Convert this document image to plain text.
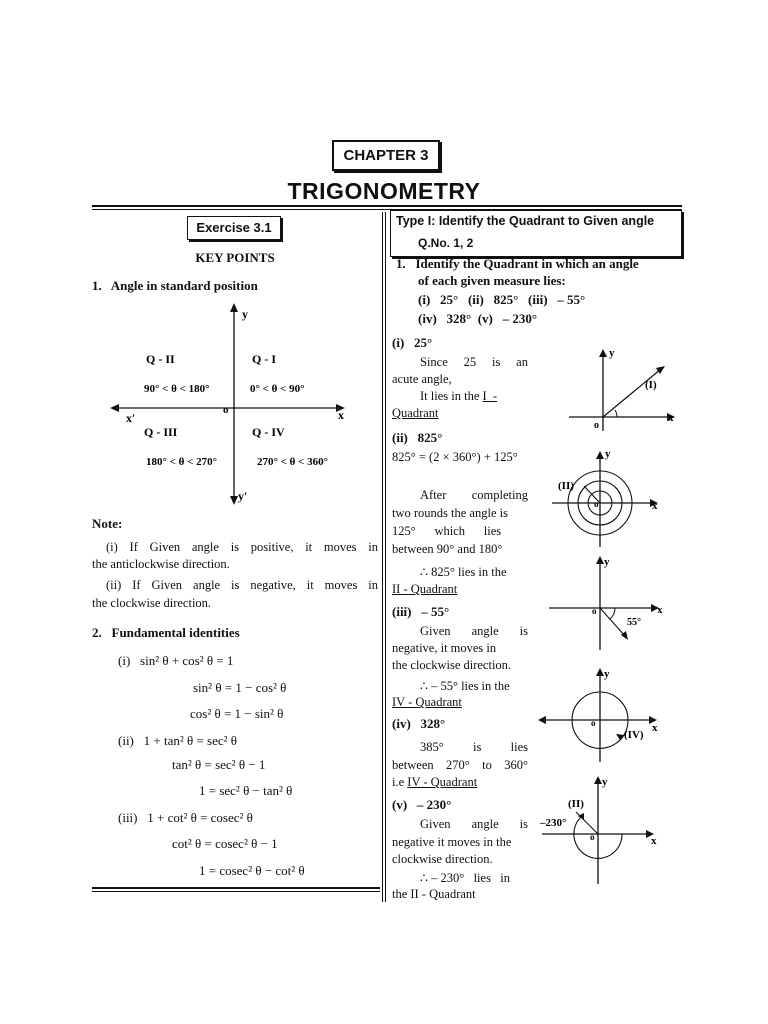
CHAPTER 3
TRIGONOMETRY
Exercise 3.1
KEY POINTS
1.   Angle in standard position
y
x
x′
y′
o
Q - II	Q - I
90° < θ < 180°	0° < θ < 90°
Q - III	Q - IV
180° < θ < 270°	270° < θ < 360°
Note:
(i) If Given angle is positive, it moves in
the anticlockwise direction.
(ii) If Given angle is negative, it moves in
the clockwise direction.
2.   Fundamental identities
(i)   sin² θ + cos² θ = 1
sin² θ = 1 − cos² θ
cos² θ = 1 − sin² θ
(ii)   1 + tan² θ = sec² θ
tan² θ = sec² θ − 1
1 = sec² θ − tan² θ
(iii)   1 + cot² θ = cosec² θ
cot² θ = cosec² θ − 1
1 = cosec² θ − cot² θ
Type I: Identify the Quadrant to Given angle
Q.No. 1, 2
1.   Identify the Quadrant in which an angle
of each given measure lies:
(i)   25°   (ii)   825°   (iii)   – 55°
(iv)   328°  (v)   – 230°
(i)   25°
Since 25 is an
acute angle,
It lies in the I  -
Quadrant
y
x
o
(I)
(ii)   825°
825° = (2 × 360°) + 125°
After completing
two rounds the angle is
125°      which      lies
between 90° and 180°
∴ 825° lies in the
II - Quadrant
y
x
o
(II)
(iii)   – 55°
Given angle is
negative, it moves in
the clockwise direction.
∴ – 55° lies in the
IV - Quadrant
y
x
o
55°
(iv)   328°
385° is lies
between 270° to 360°
i.e IV - Quadrant
y
x
o
(IV)
(v)   – 230°
Given angle is
negative it moves in the
clockwise direction.
∴ – 230°   lies   in
the II - Quadrant
y
x
o
(II)
–230°
